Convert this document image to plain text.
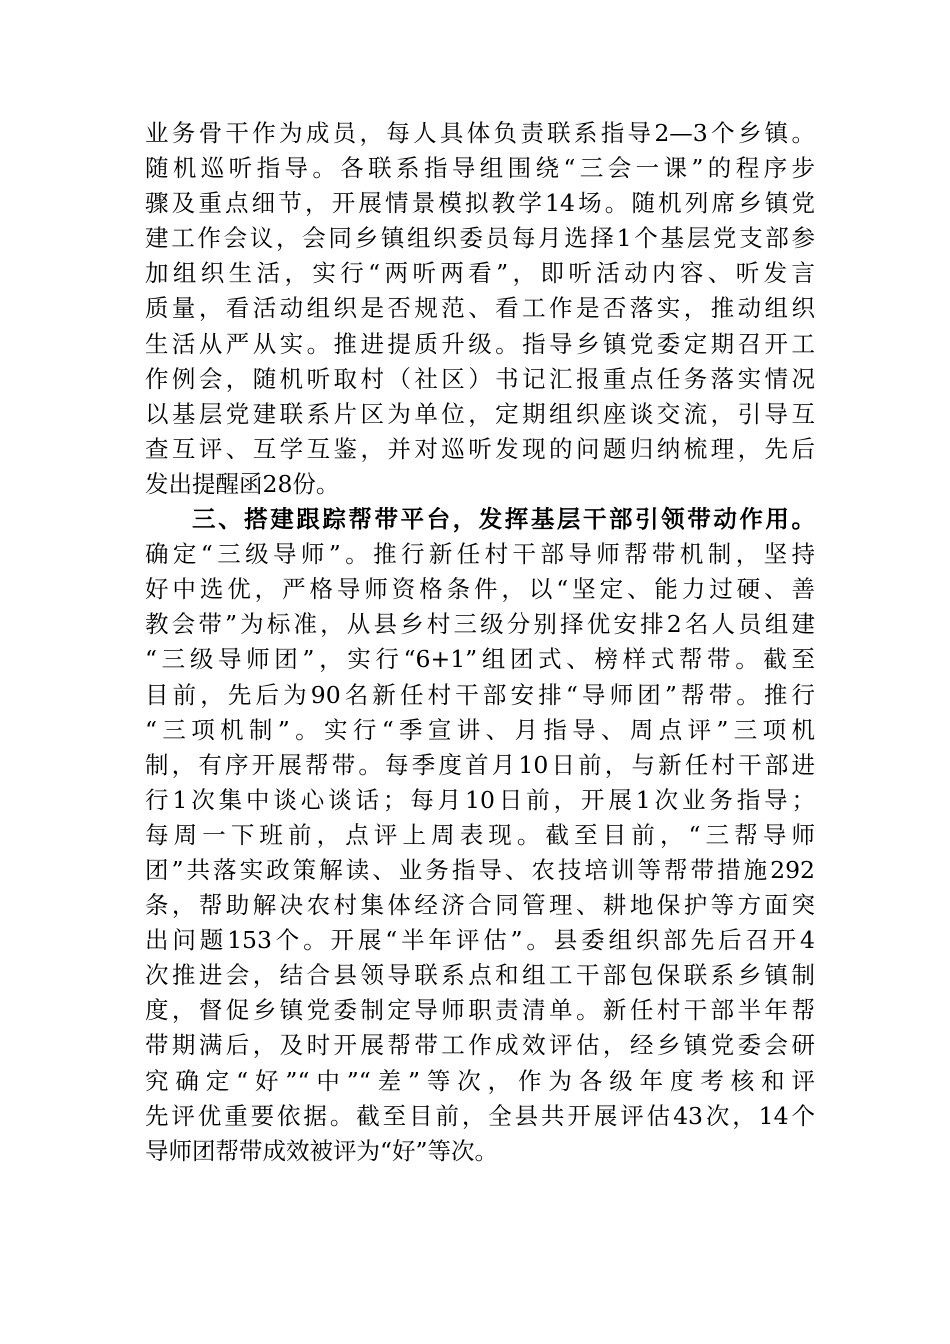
业务骨干作为成员，每人具体负责联系指导2—3个乡镇。
随机巡听指导。各联系指导组围绕“三会一课”的程序步
骤及重点细节，开展情景模拟教学14场。随机列席乡镇党
建工作会议，会同乡镇组织委员每月选择1个基层党支部参
加组织生活，实行“两听两看”，即听活动内容、听发言
质量，看活动组织是否规范、看工作是否落实，推动组织
生活从严从实。推进提质升级。指导乡镇党委定期召开工
作例会，随机听取村（社区）书记汇报重点任务落实情况
以基层党建联系片区为单位，定期组织座谈交流，引导互
查互评、互学互鉴，并对巡听发现的问题归纳梳理，先后
发出提醒函28份。
三、搭建跟踪帮带平台，发挥基层干部引领带动作用。
确定“三级导师”。推行新任村干部导师帮带机制，坚持
好中选优，严格导师资格条件，以“坚定、能力过硬、善
教会带”为标准，从县乡村三级分别择优安排2名人员组建
“三级导师团”，实行“6+1”组团式、榜样式帮带。截至
目前，先后为90名新任村干部安排“导师团”帮带。推行
“三项机制”。实行“季宣讲、月指导、周点评”三项机
制，有序开展帮带。每季度首月10日前，与新任村干部进
行1次集中谈心谈话；每月10日前，开展1次业务指导；
每周一下班前，点评上周表现。截至目前，“三帮导师
团”共落实政策解读、业务指导、农技培训等帮带措施292
条，帮助解决农村集体经济合同管理、耕地保护等方面突
出问题153个。开展“半年评估”。县委组织部先后召开4
次推进会，结合县领导联系点和组工干部包保联系乡镇制
度，督促乡镇党委制定导师职责清单。新任村干部半年帮
带期满后，及时开展帮带工作成效评估，经乡镇党委会研
究确定“好”“中”“差”等次，作为各级年度考核和评
先评优重要依据。截至目前，全县共开展评估43次，14个
导师团帮带成效被评为“好”等次。
